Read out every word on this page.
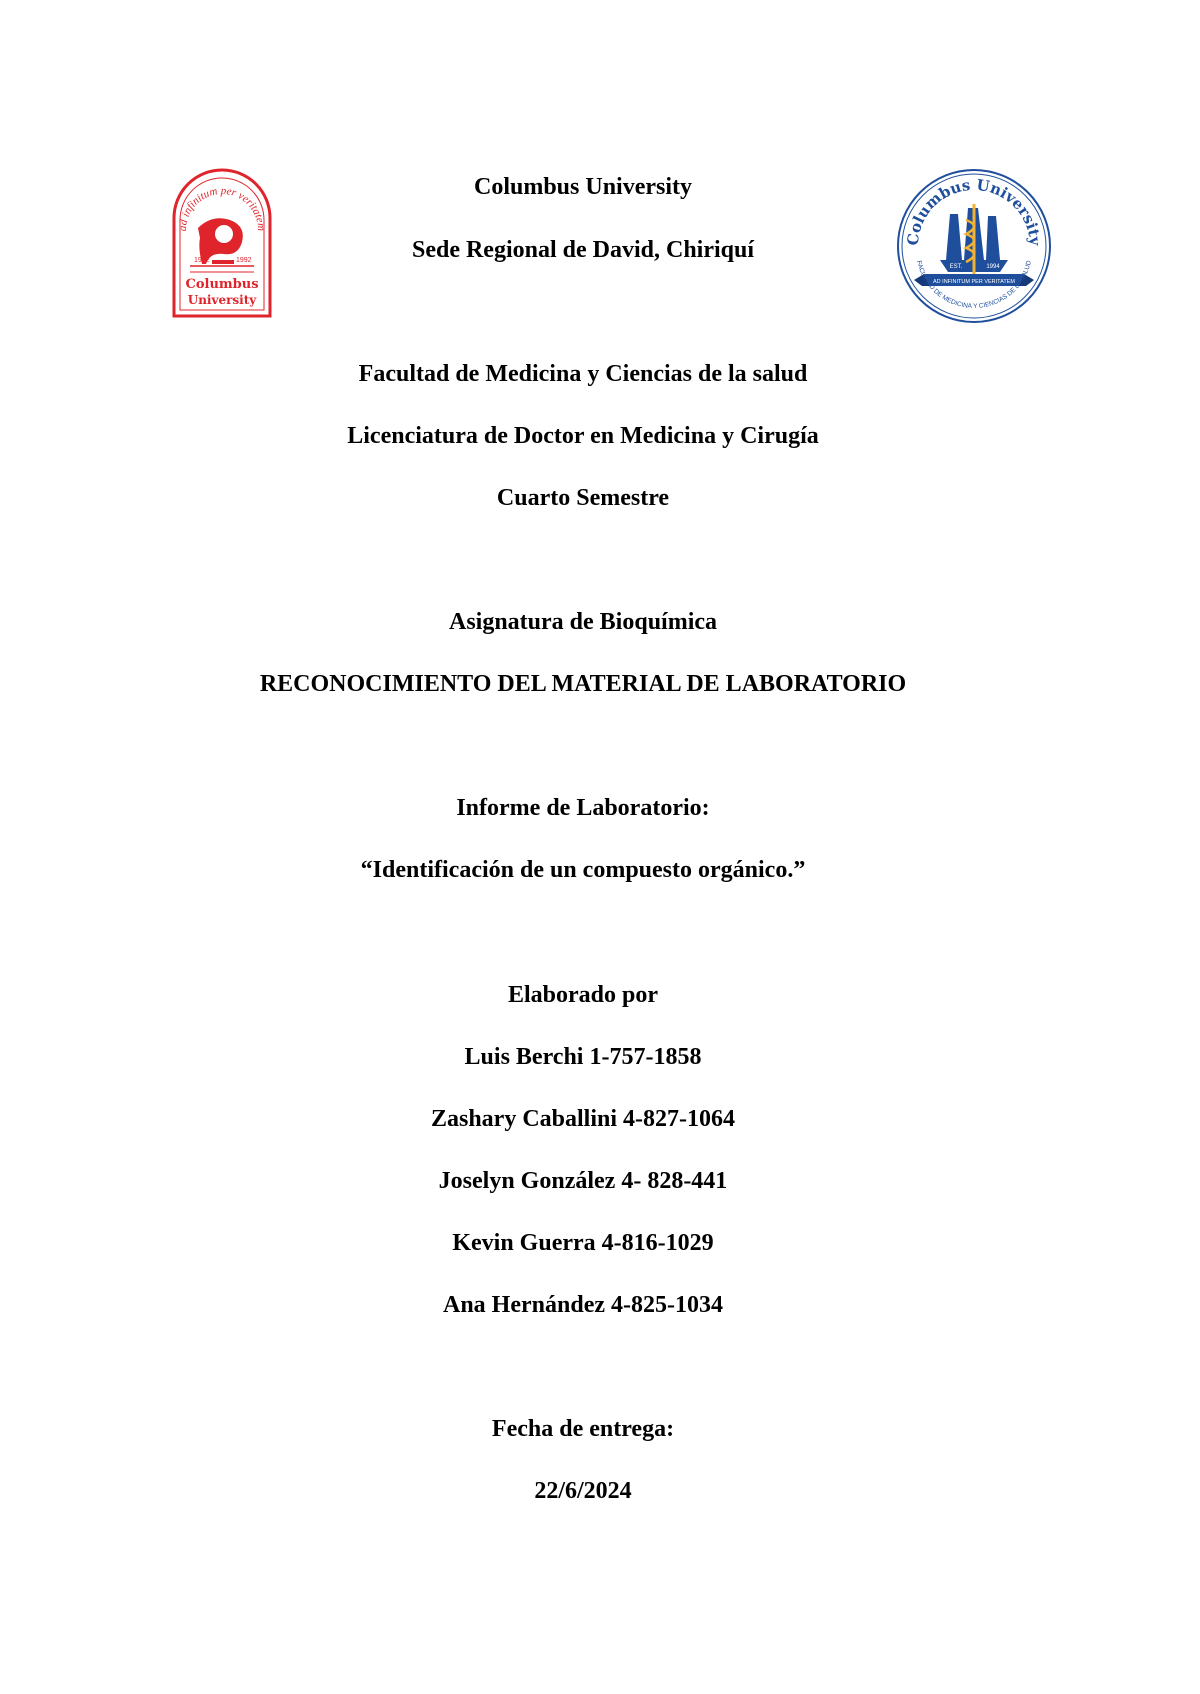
ad infinitum per veritatem
1992	1992
Columbus
University
Columbus University
AD INFINITUM PER VERITATEM
EST.	1994
FACULTAD DE MEDICINA Y CIENCIAS DE LA SALUD
Columbus University
Sede Regional de David, Chiriquí
Facultad de Medicina y Ciencias de la salud
Licenciatura de Doctor en Medicina y Cirugía
Cuarto Semestre
Asignatura de Bioquímica
RECONOCIMIENTO DEL MATERIAL DE LABORATORIO
Informe de Laboratorio:
“Identificación de un compuesto orgánico.”
Elaborado por
Luis Berchi 1-757-1858
Zashary Caballini 4-827-1064
Joselyn González 4- 828-441
Kevin Guerra 4-816-1029
Ana Hernández 4-825-1034
Fecha de entrega:
22/6/2024
